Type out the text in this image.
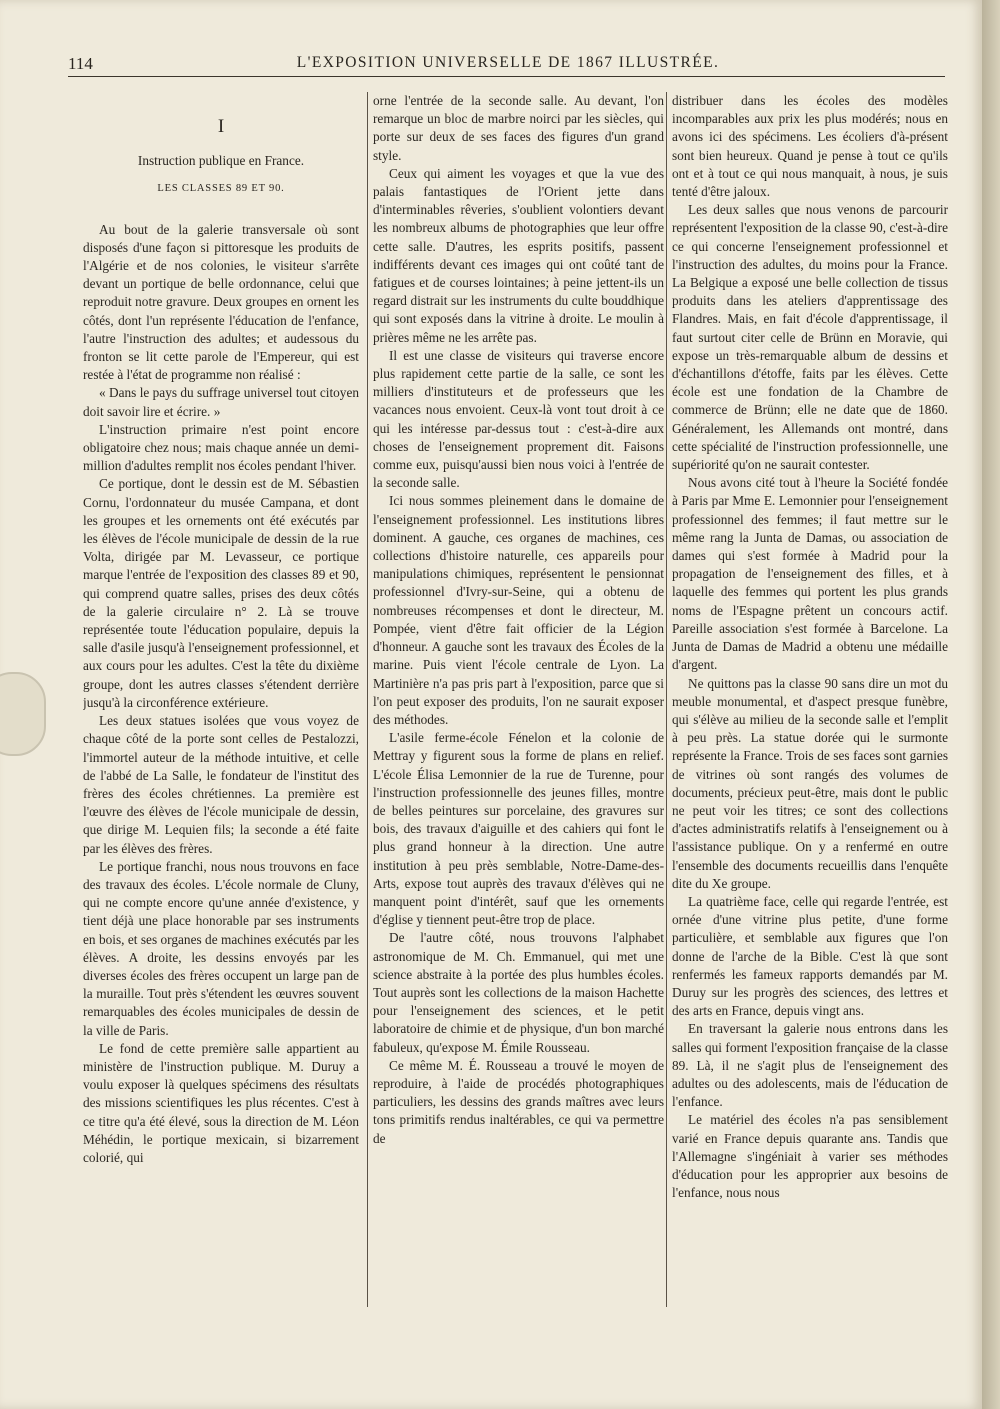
114	L'EXPOSITION UNIVERSELLE DE 1867 ILLUSTRÉE.
I
Instruction publique en France.
LES CLASSES 89 ET 90.

Au bout de la galerie transversale où sont disposés d'une façon si pittoresque les produits de l'Algérie et de nos colonies, le visiteur s'arrête devant un portique de belle ordonnance, celui que reproduit notre gravure. Deux groupes en ornent les côtés, dont l'un représente l'éducation de l'enfance, l'autre l'instruction des adultes; et audessous du fronton se lit cette parole de l'Empereur, qui est restée à l'état de programme non réalisé :

« Dans le pays du suffrage universel tout citoyen doit savoir lire et écrire. »

L'instruction primaire n'est point encore obligatoire chez nous; mais chaque année un demi-million d'adultes remplit nos écoles pendant l'hiver.

Ce portique, dont le dessin est de M. Sébastien Cornu, l'ordonnateur du musée Campana, et dont les groupes et les ornements ont été exécutés par les élèves de l'école municipale de dessin de la rue Volta, dirigée par M. Levasseur, ce portique marque l'entrée de l'exposition des classes 89 et 90, qui comprend quatre salles, prises des deux côtés de la galerie circulaire n° 2. Là se trouve représentée toute l'éducation populaire, depuis la salle d'asile jusqu'à l'enseignement professionnel, et aux cours pour les adultes. C'est la tête du dixième groupe, dont les autres classes s'étendent derrière jusqu'à la circonférence extérieure.

Les deux statues isolées que vous voyez de chaque côté de la porte sont celles de Pestalozzi, l'immortel auteur de la méthode intuitive, et celle de l'abbé de La Salle, le fondateur de l'institut des frères des écoles chrétiennes. La première est l'œuvre des élèves de l'école municipale de dessin, que dirige M. Lequien fils; la seconde a été faite par les élèves des frères.

Le portique franchi, nous nous trouvons en face des travaux des écoles. L'école normale de Cluny, qui ne compte encore qu'une année d'existence, y tient déjà une place honorable par ses instruments en bois, et ses organes de machines exécutés par les élèves. A droite, les dessins envoyés par les diverses écoles des frères occupent un large pan de la muraille. Tout près s'étendent les œuvres souvent remarquables des écoles municipales de dessin de la ville de Paris.

Le fond de cette première salle appartient au ministère de l'instruction publique. M. Duruy a voulu exposer là quelques spécimens des résultats des missions scientifiques les plus récentes. C'est à ce titre qu'a été élevé, sous la direction de M. Léon Méhédin, le portique mexicain, si bizarrement colorié, qui

orne l'entrée de la seconde salle. Au devant, l'on remarque un bloc de marbre noirci par les siècles, qui porte sur deux de ses faces des figures d'un grand style.

Ceux qui aiment les voyages et que la vue des palais fantastiques de l'Orient jette dans d'interminables rêveries, s'oublient volontiers devant les nombreux albums de photographies que leur offre cette salle. D'autres, les esprits positifs, passent indifférents devant ces images qui ont coûté tant de fatigues et de courses lointaines; à peine jettent-ils un regard distrait sur les instruments du culte bouddhique qui sont exposés dans la vitrine à droite. Le moulin à prières même ne les arrête pas.

Il est une classe de visiteurs qui traverse encore plus rapidement cette partie de la salle, ce sont les milliers d'instituteurs et de professeurs que les vacances nous envoient. Ceux-là vont tout droit à ce qui les intéresse par-dessus tout : c'est-à-dire aux choses de l'enseignement proprement dit. Faisons comme eux, puisqu'aussi bien nous voici à l'entrée de la seconde salle.

Ici nous sommes pleinement dans le domaine de l'enseignement professionnel. Les institutions libres dominent. A gauche, ces organes de machines, ces collections d'histoire naturelle, ces appareils pour manipulations chimiques, représentent le pensionnat professionnel d'Ivry-sur-Seine, qui a obtenu de nombreuses récompenses et dont le directeur, M. Pompée, vient d'être fait officier de la Légion d'honneur. A gauche sont les travaux des Écoles de la marine. Puis vient l'école centrale de Lyon. La Martinière n'a pas pris part à l'exposition, parce que si l'on peut exposer des produits, l'on ne saurait exposer des méthodes.

L'asile ferme-école Fénelon et la colonie de Mettray y figurent sous la forme de plans en relief. L'école Élisa Lemonnier de la rue de Turenne, pour l'instruction professionnelle des jeunes filles, montre de belles peintures sur porcelaine, des gravures sur bois, des travaux d'aiguille et des cahiers qui font le plus grand honneur à la direction. Une autre institution à peu près semblable, Notre-Dame-des-Arts, expose tout auprès des travaux d'élèves qui ne manquent point d'intérêt, sauf que les ornements d'église y tiennent peut-être trop de place.

De l'autre côté, nous trouvons l'alphabet astronomique de M. Ch. Emmanuel, qui met une science abstraite à la portée des plus humbles écoles. Tout auprès sont les collections de la maison Hachette pour l'enseignement des sciences, et le petit laboratoire de chimie et de physique, d'un bon marché fabuleux, qu'expose M. Émile Rousseau.

Ce même M. É. Rousseau a trouvé le moyen de reproduire, à l'aide de procédés photographiques particuliers, les dessins des grands maîtres avec leurs tons primitifs rendus inaltérables, ce qui va permettre de

distribuer dans les écoles des modèles incomparables aux prix les plus modérés; nous en avons ici des spécimens. Les écoliers d'à-présent sont bien heureux. Quand je pense à tout ce qu'ils ont et à tout ce qui nous manquait, à nous, je suis tenté d'être jaloux.

Les deux salles que nous venons de parcourir représentent l'exposition de la classe 90, c'est-à-dire ce qui concerne l'enseignement professionnel et l'instruction des adultes, du moins pour la France. La Belgique a exposé une belle collection de tissus produits dans les ateliers d'apprentissage des Flandres. Mais, en fait d'école d'apprentissage, il faut surtout citer celle de Brünn en Moravie, qui expose un très-remarquable album de dessins et d'échantillons d'étoffe, faits par les élèves. Cette école est une fondation de la Chambre de commerce de Brünn; elle ne date que de 1860. Généralement, les Allemands ont montré, dans cette spécialité de l'instruction professionnelle, une supériorité qu'on ne saurait contester.

Nous avons cité tout à l'heure la Société fondée à Paris par Mme E. Lemonnier pour l'enseignement professionnel des femmes; il faut mettre sur le même rang la Junta de Damas, ou association de dames qui s'est formée à Madrid pour la propagation de l'enseignement des filles, et à laquelle des femmes qui portent les plus grands noms de l'Espagne prêtent un concours actif. Pareille association s'est formée à Barcelone. La Junta de Damas de Madrid a obtenu une médaille d'argent.

Ne quittons pas la classe 90 sans dire un mot du meuble monumental, et d'aspect presque funèbre, qui s'élève au milieu de la seconde salle et l'emplit à peu près. La statue dorée qui le surmonte représente la France. Trois de ses faces sont garnies de vitrines où sont rangés des volumes de documents, précieux peut-être, mais dont le public ne peut voir les titres; ce sont des collections d'actes administratifs relatifs à l'enseignement ou à l'assistance publique. On y a renfermé en outre l'ensemble des documents recueillis dans l'enquête dite du Xe groupe.

La quatrième face, celle qui regarde l'entrée, est ornée d'une vitrine plus petite, d'une forme particulière, et semblable aux figures que l'on donne de l'arche de la Bible. C'est là que sont renfermés les fameux rapports demandés par M. Duruy sur les progrès des sciences, des lettres et des arts en France, depuis vingt ans.

En traversant la galerie nous entrons dans les salles qui forment l'exposition française de la classe 89. Là, il ne s'agit plus de l'enseignement des adultes ou des adolescents, mais de l'éducation de l'enfance.

Le matériel des écoles n'a pas sensiblement varié en France depuis quarante ans. Tandis que l'Allemagne s'ingéniait à varier ses méthodes d'éducation pour les approprier aux besoins de l'enfance, nous nous
